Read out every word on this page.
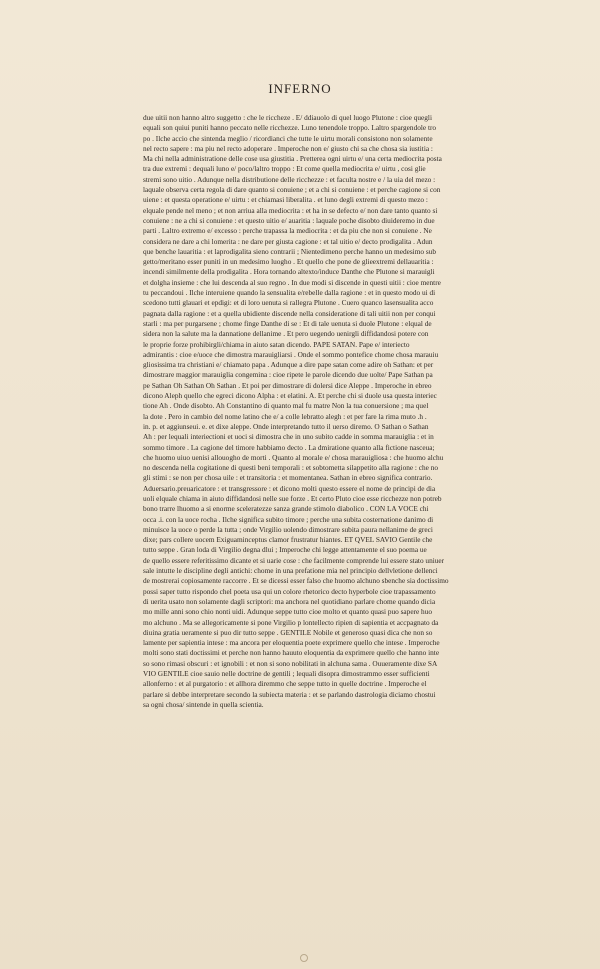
INFERNO

due uitii non hanno altro suggetto : che le riccheze . E/ ddiauolo di quel luogo Plutone : cioe quegli

equali son quiui puniti hanno peccato nelle ricchezze. Luno tenendole troppo. Laltro spargendole tro

po . Ilche accio che sintenda meglio / ricordianci che tutte le uirtu morali consistono non solamente

nel recto sapere : ma piu nel recto adoperare . Imperoche non e/ giusto chi sa che chosa sia iustitia :

Ma chi nella administratione delle cose usa giustitia . Pretterea ogni uirtu e/ una certa mediocrita posta

tra due extremi : dequali luno e/ poco/laltro troppo : Et come quella mediocrita e/ uirtu , cosi glie

stremi sono uitio . Adunque nella distributione delle ricchezze : et faculta nostre e / la uia del mezo :

laquale observa certa regola di dare quanto si conuiene ; et a chi si conuiene : et perche cagione si con

uiene : et questa operatione e/ uirtu : et chiamasi liberalita . et luno degli extremi di questo mezo :

elquale pende nel meno ; et non arriua alla mediocrita : et ha in se defecto e/ non dare tanto quanto si

conuiene : ne a chi si conuiene : et questo uitio e/ auaritia : laquale poche disobto diuideremo in due

parti . Laltro extremo e/ excesso : perche trapassa la mediocrita : et da piu che non si conuiene . Ne

considera ne dare a chi lomerita : ne dare per giusta cagione : et tal uitio e/ decto prodigalita . Adun

que benche lauaritia : et laprodigalita sieno contrarii ; Nientedimeno perche hanno un medesimo sub

getto/meritano esser puniti in un medesimo luogho . Et quello che pone de glieextremi dellauaritia :

incendi similmente della prodigalita . Hora tornando altexto/induce Danthe che Plutone si marauigli

et dolgha insieme : che lui descenda al suo regno . In due modi si discende in questi uitii : cioe mentre

tu peccandoui . Ilche interuiene quando la sensualita e/rebelle dalla ragione : et in questo modo ui di

scedono tutti glauari et epdigi: et di loro uenuta si rallegra Plutone . Cuero quanco lasensualita acco

pagnata dalla ragione : et a quella ubidiente discende nella consideratione di tali uitii non per conqui

starli : ma per purgarsene ; chome finge Danthe di se : Et di tale uenuta si duole Plutone : elqual de

sidera non la salute ma la dannatione dellanime . Et pero uegendo uenirgli diffidandosi potere con

le proprie forze prohibirgli/chiama in aiuto satan dicendo. PAPE SATAN. Pape e/ interiecto

admirantis : cioe e/uoce che dimostra marauigliarsi . Onde el sommo pontefice chome chosa marauiu

gliosissima tra christiani e/ chiamato papa . Adunque a dire pape satan come adire oh Sathan: et per

dimostrare maggior marauiglia congemina : cioe ripete le parole dicendo due uolte/ Pape Sathan pa

pe Sathan Oh Sathan Oh Sathan . Et poi per dimostrare di dolersi dice Aleppe . Imperoche in ebreo

dicono Aleph quello che egreci dicono Alpha : et elatini. A. Et perche chi si duole usa questa interiec

tione Ah . Onde disobto. Ah Constantino di quanto mal fu matre Non la tua conuersione ; ma quel

la dote . Pero in cambio del nome latino che e/ a colle lebratto alegh : et per fare la rima muto .h .

in. p. et aggiunseui. e. et dixe aleppe. Onde interpretando tutto il uerso diremo. O Sathan o Sathan

Ah : per lequali interiectioni et uoci si dimostra che in uno subito cadde in somma marauiglia : et in

sommo timore . La cagione del timore habbiamo decto . La dmiratione quanto alla fictione nasceua;

che huomo uiuo uenisi allouogho de morti . Quanto al morale e/ chosa marauigliosa : che huomo alchu

no descenda nella cogitatione di questi beni temporali : et sobtometta silappetito alla ragione : che no

gli stimi : se non per chosa uile : et transitoria : et momentanea. Sathan in ebreo significa contrario.

Aduersario.preuaricatore : et transgressore : et dicono molti questo essere el nome de principi de dia

uoli elquale chiama in aiuto diffidandosi nelle sue forze . Et certo Pluto cioe esse ricchezze non potreb

bono trarre lhuomo a si enorme sceleratezze sanza grande stimolo diabolico . CON LA VOCE chi

occa .i. con la uoce rocha . Ilche significa subito timore ; perche una subita costernatione danimo di

minuisce la uoce o perde la tutta ; onde Virgilio uolendo dimostrare subita paura nellanime de greci

dixe; pars collere uocem Exiguaminceptus clamor frustratur hiantes. ET QVEL SAVIO Gentile che

tutto seppe . Gran loda di Virgilio degna dlui ; Imperoche chi legge attentamente el suo poema ue

de quello essere referitissimo dicante et si uarie cose : che facilmente comprende lui essere stato uniuer

sale intutte le discipline degli antichi: chome in una prefatione mia nel principio dellvletione dellenci

de mostrerai copiosamente raccorre . Et se dicessi esser falso che huomo alchuno sbenche sia doctissimo

possi saper tutto rispondo chel poeta usa qui un colore rhetorico decto hyperbole cioe trapassamento

di uerita usato non solamente dagli scriptori: ma anchora nel quotidiano parlare chome quando dicia

mo mille anni sono chio nonti uidi. Adunque seppe tutto cioe molto et quanto quasi puo sapere huo

mo alchuno . Ma se allegoricamente si pone Virgilio p lontellecto ripien di sapientia et accpagnato da

diuina gratia ueramente si puo dir tutto seppe . GENTILE Nobile et generoso quasi dica che non so

lamente per sapientia intese : ma ancora per eloquentia poete exprimere quello che intese . Imperoche

molti sono stati doctissimi et perche non hanno hauuto eloquentia da exprimere quello che hanno inte

so sono rimasi obscuri : et ignobili : et non si sono nobilitati in alchuna sama . Ouueramente dixe SA

VIO GENTILE cioe sauio nelle doctrine de gentili ; lequali disopra dimostrammo esser sufficienti

allonferno : et al purgatorio : et allhora diremmo che seppe tutto in quelle doctrine . Imperoche el

parlare si debbe interpretare secondo la subiecta materia : et se parlando dastrologia diciamo chostui

sa ogni chosa/ sintende in quella scientia.
